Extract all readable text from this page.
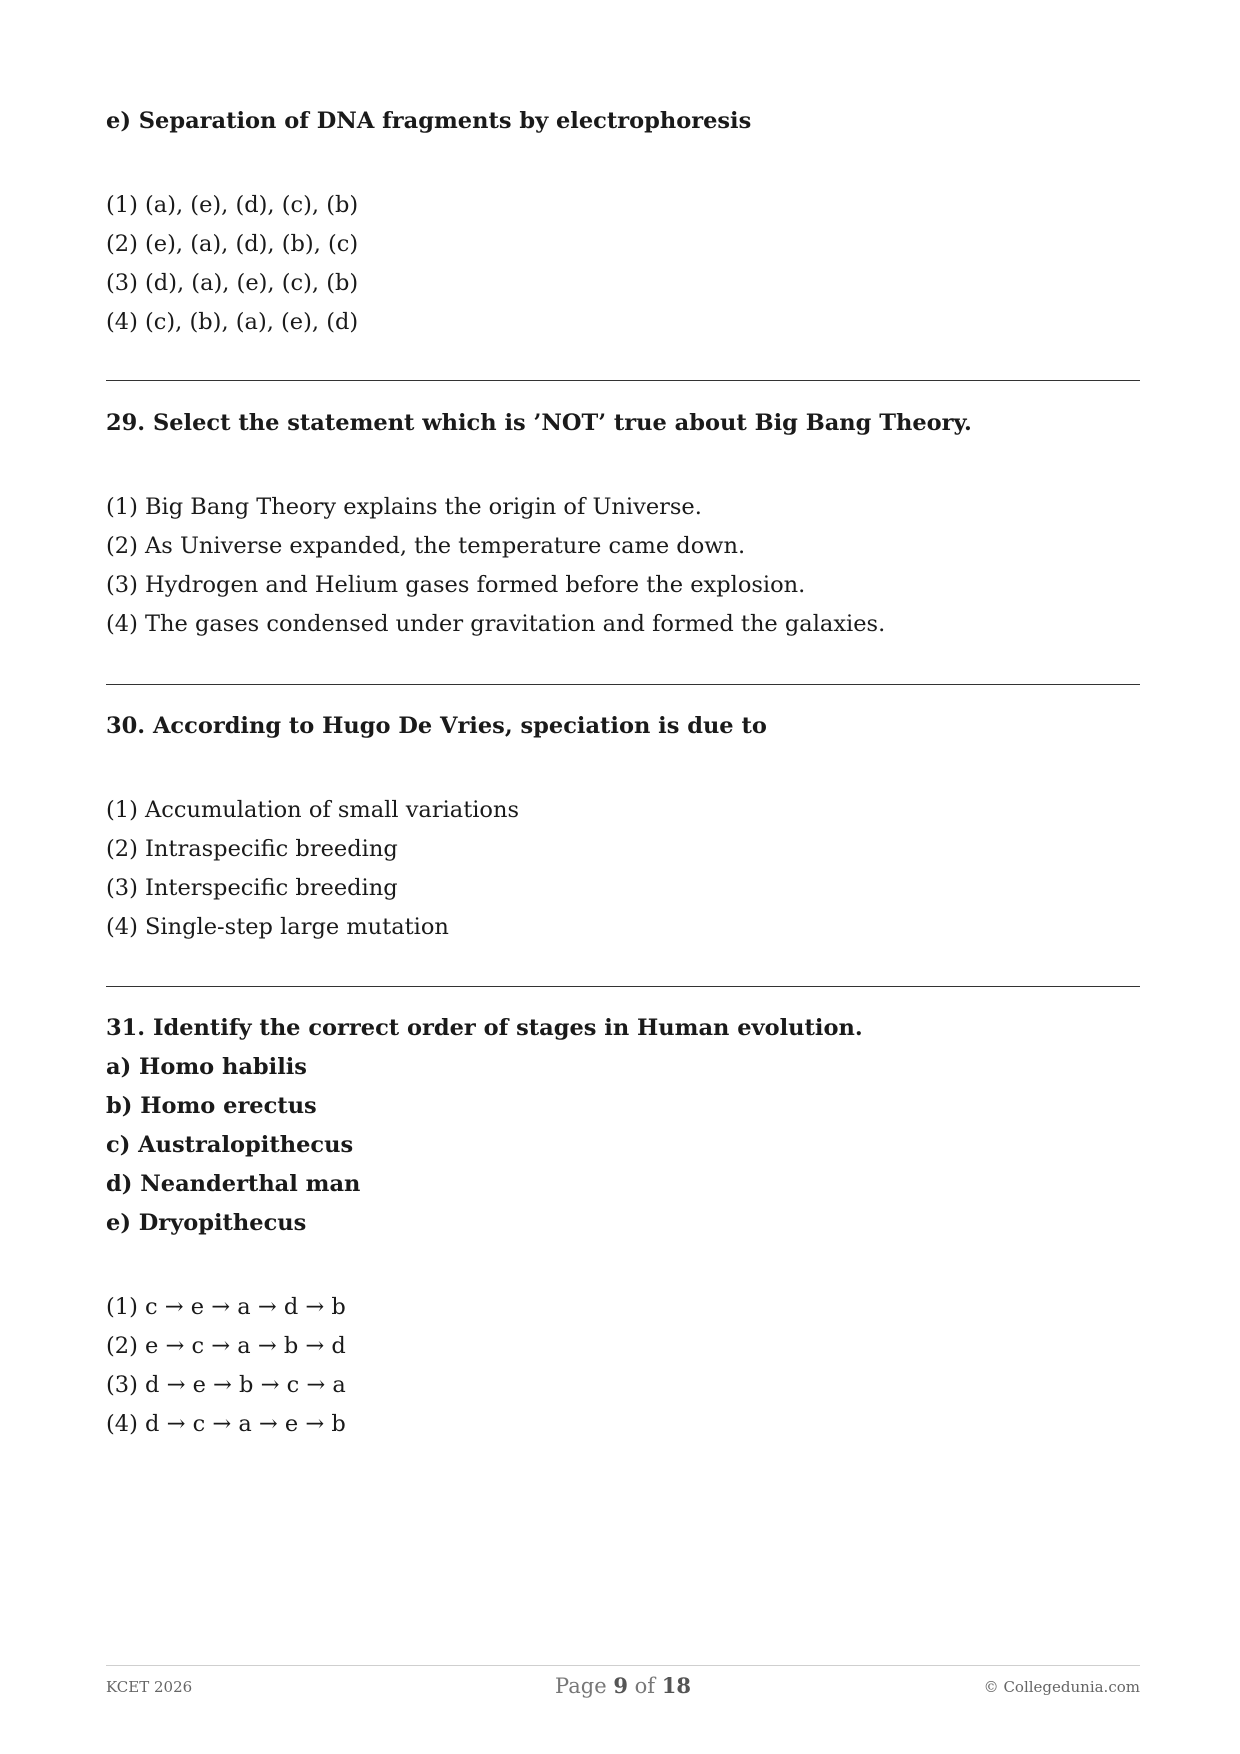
e) Separation of DNA fragments by electrophoresis
(1) (a), (e), (d), (c), (b)
(2) (e), (a), (d), (b), (c)
(3) (d), (a), (e), (c), (b)
(4) (c), (b), (a), (e), (d)
29. Select the statement which is ’NOT’ true about Big Bang Theory.
(1) Big Bang Theory explains the origin of Universe.
(2) As Universe expanded, the temperature came down.
(3) Hydrogen and Helium gases formed before the explosion.
(4) The gases condensed under gravitation and formed the galaxies.
30. According to Hugo De Vries, speciation is due to
(1) Accumulation of small variations
(2) Intraspecific breeding
(3) Interspecific breeding
(4) Single-step large mutation
31. Identify the correct order of stages in Human evolution.
a) Homo habilis
b) Homo erectus
c) Australopithecus
d) Neanderthal man
e) Dryopithecus
(1) c → e → a → d → b
(2) e → c → a → b → d
(3) d → e → b → c → a
(4) d → c → a → e → b
KCET 2026	Page 9 of 18	© Collegedunia.com
